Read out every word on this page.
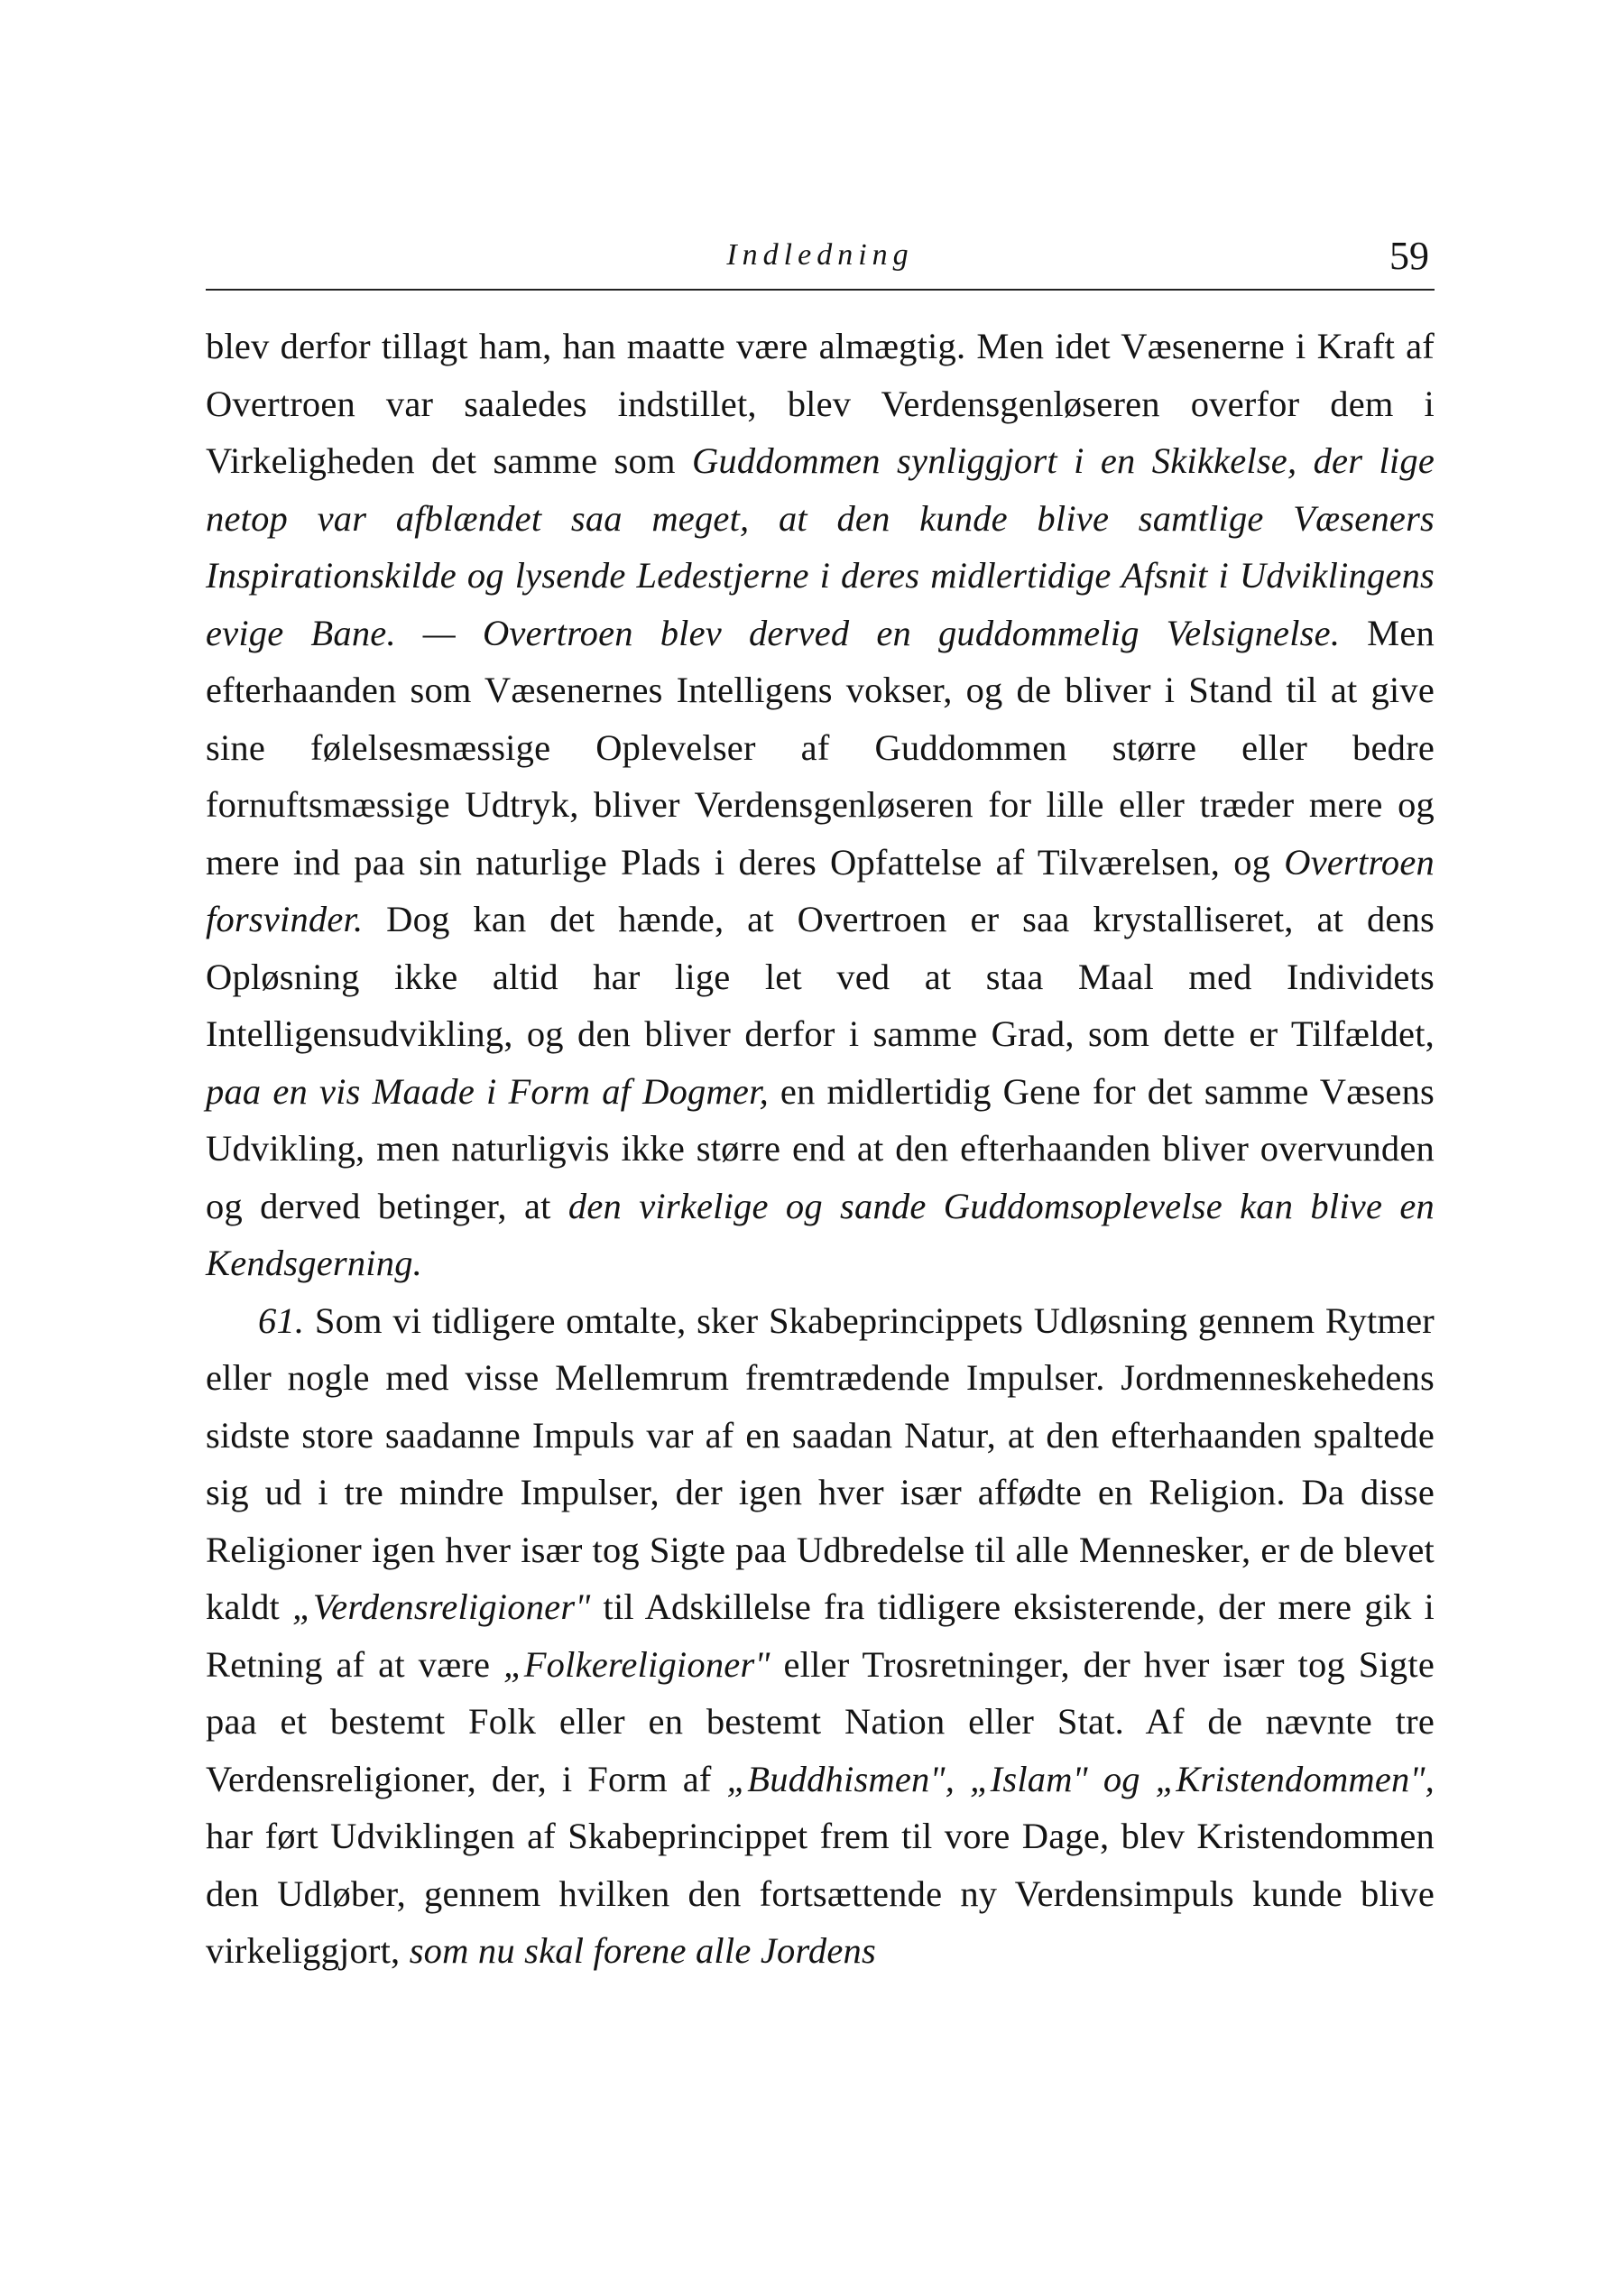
Indledning	59

blev derfor tillagt ham, han maatte være almægtig. Men idet Væsenerne i Kraft af Overtroen var saaledes indstillet, blev Verdensgenløseren overfor dem i Virkeligheden det samme som Guddommen synliggjort i en Skikkelse, der lige netop var afblændet saa meget, at den kunde blive samtlige Væseners Inspirationskilde og lysende Ledestjerne i deres midlertidige Afsnit i Udviklingens evige Bane. — Overtroen blev derved en guddommelig Velsignelse. Men efterhaanden som Væsenernes Intelligens vokser, og de bliver i Stand til at give sine følelsesmæssige Oplevelser af Guddommen større eller bedre fornuftsmæssige Udtryk, bliver Verdensgenløseren for lille eller træder mere og mere ind paa sin naturlige Plads i deres Opfattelse af Tilværelsen, og Overtroen forsvinder. Dog kan det hænde, at Overtroen er saa krystalliseret, at dens Opløsning ikke altid har lige let ved at staa Maal med Individets Intelligensudvikling, og den bliver derfor i samme Grad, som dette er Tilfældet, paa en vis Maade i Form af Dogmer, en midlertidig Gene for det samme Væsens Udvikling, men naturligvis ikke større end at den efterhaanden bliver overvunden og derved betinger, at den virkelige og sande Guddomsoplevelse kan blive en Kendsgerning.

61. Som vi tidligere omtalte, sker Skabeprincippets Udløsning gennem Rytmer eller nogle med visse Mellemrum fremtrædende Impulser. Jordmenneskehedens sidste store saadanne Impuls var af en saadan Natur, at den efterhaanden spaltede sig ud i tre mindre Impulser, der igen hver især affødte en Religion. Da disse Religioner igen hver især tog Sigte paa Udbredelse til alle Mennesker, er de blevet kaldt „Verdensreligioner" til Adskillelse fra tidligere eksisterende, der mere gik i Retning af at være „Folkereligioner" eller Trosretninger, der hver især tog Sigte paa et bestemt Folk eller en bestemt Nation eller Stat. Af de nævnte tre Verdensreligioner, der, i Form af „Buddhismen", „Islam" og „Kristendommen", har ført Udviklingen af Skabeprincippet frem til vore Dage, blev Kristendommen den Udløber, gennem hvilken den fortsættende ny Verdensimpuls kunde blive virkeliggjort, som nu skal forene alle Jordens
